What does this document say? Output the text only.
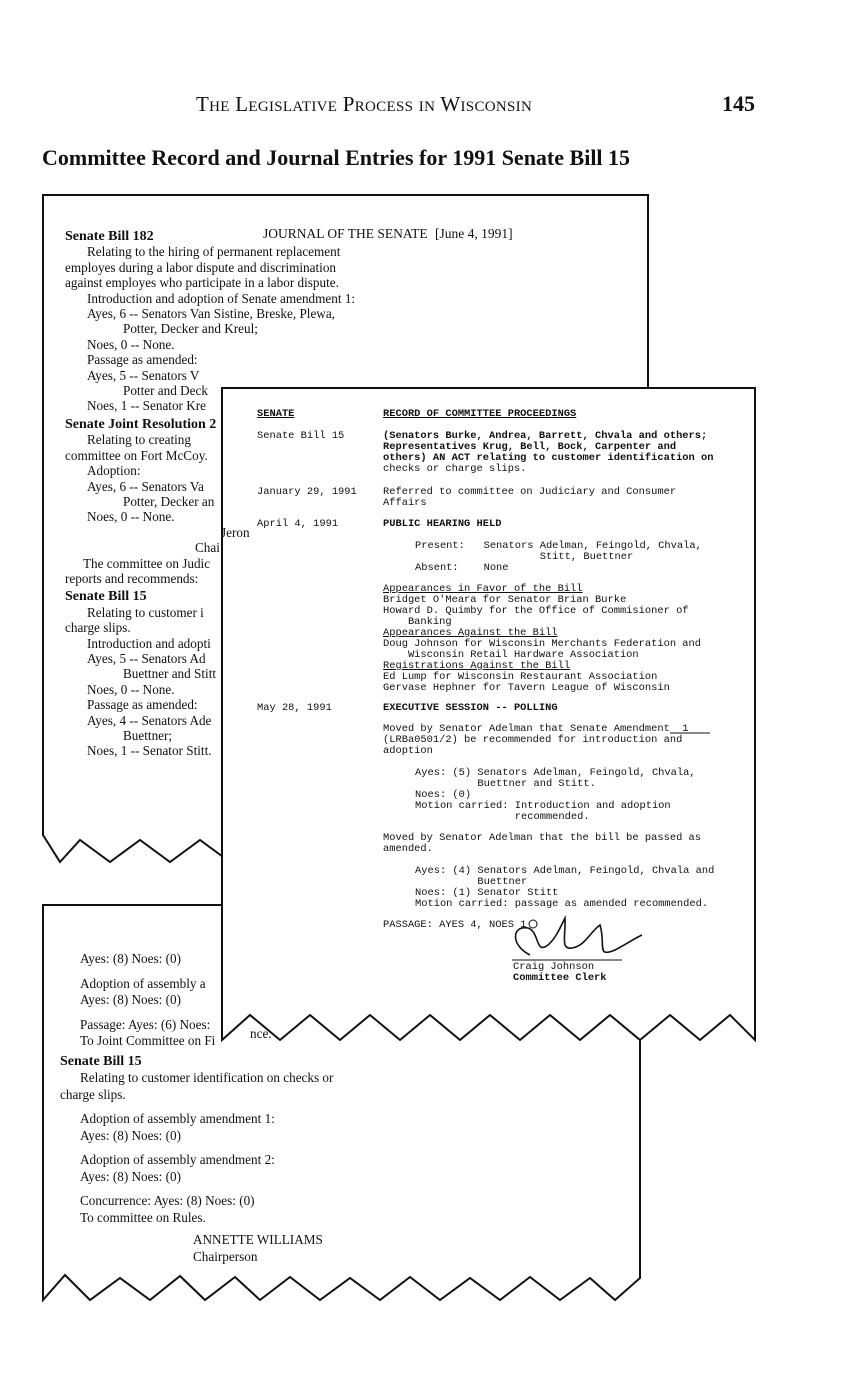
The Legislative Process in Wisconsin	145
Committee Record and Journal Entries for 1991 Senate Bill 15
JOURNAL OF THE SENATE [June 4, 1991]
Senate Bill 182
Relating to the hiring of permanent replacement
employes during a labor dispute and discrimination
against employes who participate in a labor dispute.
Introduction and adoption of Senate amendment 1:
Ayes, 6 -- Senators Van Sistine, Breske, Plewa,
Potter, Decker and Kreul;
Noes, 0 -- None.
Passage as amended:
Ayes, 5 -- Senators V
Potter and Deck
Noes, 1 -- Senator Kre
Senate Joint Resolution 2
Relating to creating
committee on Fort McCoy.
Adoption:
Ayes, 6 -- Senators Va
Potter, Decker an
Noes, 0 -- None.
Jeron
Chai
The committee on Judic
reports and recommends:
Senate Bill 15
Relating to customer i
charge slips.
Introduction and adopti
Ayes, 5 -- Senators Ad
Buettner and Stitt
Noes, 0 -- None.
Passage as amended:
Ayes, 4 -- Senators Ade
Buettner;
Noes, 1 -- Senator Stitt.
SENATE	RECORD OF COMMITTEE PROCEEDINGS
Senate Bill 15	(Senators Burke, Andrea, Barrett, Chvala and others;
Representatives Krug, Bell, Bock, Carpenter and
others) AN ACT relating to customer identification on
checks or charge slips.
January 29, 1991	Referred to committee on Judiciary and Consumer
Affairs
April 4, 1991	PUBLIC HEARING HELD
Present:   Senators Adelman, Feingold, Chvala,
Stitt, Buettner
Absent:    None
Appearances in Favor of the Bill
Bridget O'Meara for Senator Brian Burke
Howard D. Quimby for the Office of Commisioner of
Banking
Appearances Against the Bill
Doug Johnson for Wisconsin Merchants Federation and
Wisconsin Retail Hardware Association
Registrations Against the Bill
Ed Lump for Wisconsin Restaurant Association
Gervase Hephner for Tavern League of Wisconsin
May 28, 1991	EXECUTIVE SESSION -- POLLING
Moved by Senator Adelman that Senate Amendment  1
(LRBa0501/2) be recommended for introduction and
adoption
Ayes: (5) Senators Adelman, Feingold, Chvala,
Buettner and Stitt.
Noes: (0)
Motion carried: Introduction and adoption
recommended.
Moved by Senator Adelman that the bill be passed as
amended.
Ayes: (4) Senators Adelman, Feingold, Chvala and
Buettner
Noes: (1) Senator Stitt
Motion carried: passage as amended recommended.
PASSAGE: AYES 4, NOES 1
Craig Johnson
Committee Clerk
Ayes: (8) Noes: (0)
Adoption of assembly a
Ayes: (8) Noes: (0)
Passage: Ayes: (6) Noes:
To Joint Committee on Fi
Senate Bill 15
Relating to customer identification on checks or
charge slips.
Adoption of assembly amendment 1:
Ayes: (8) Noes: (0)
Adoption of assembly amendment 2:
Ayes: (8) Noes: (0)
Concurrence: Ayes: (8) Noes: (0)
To committee on Rules.
ANNETTE WILLIAMS
Chairperson
nce.
